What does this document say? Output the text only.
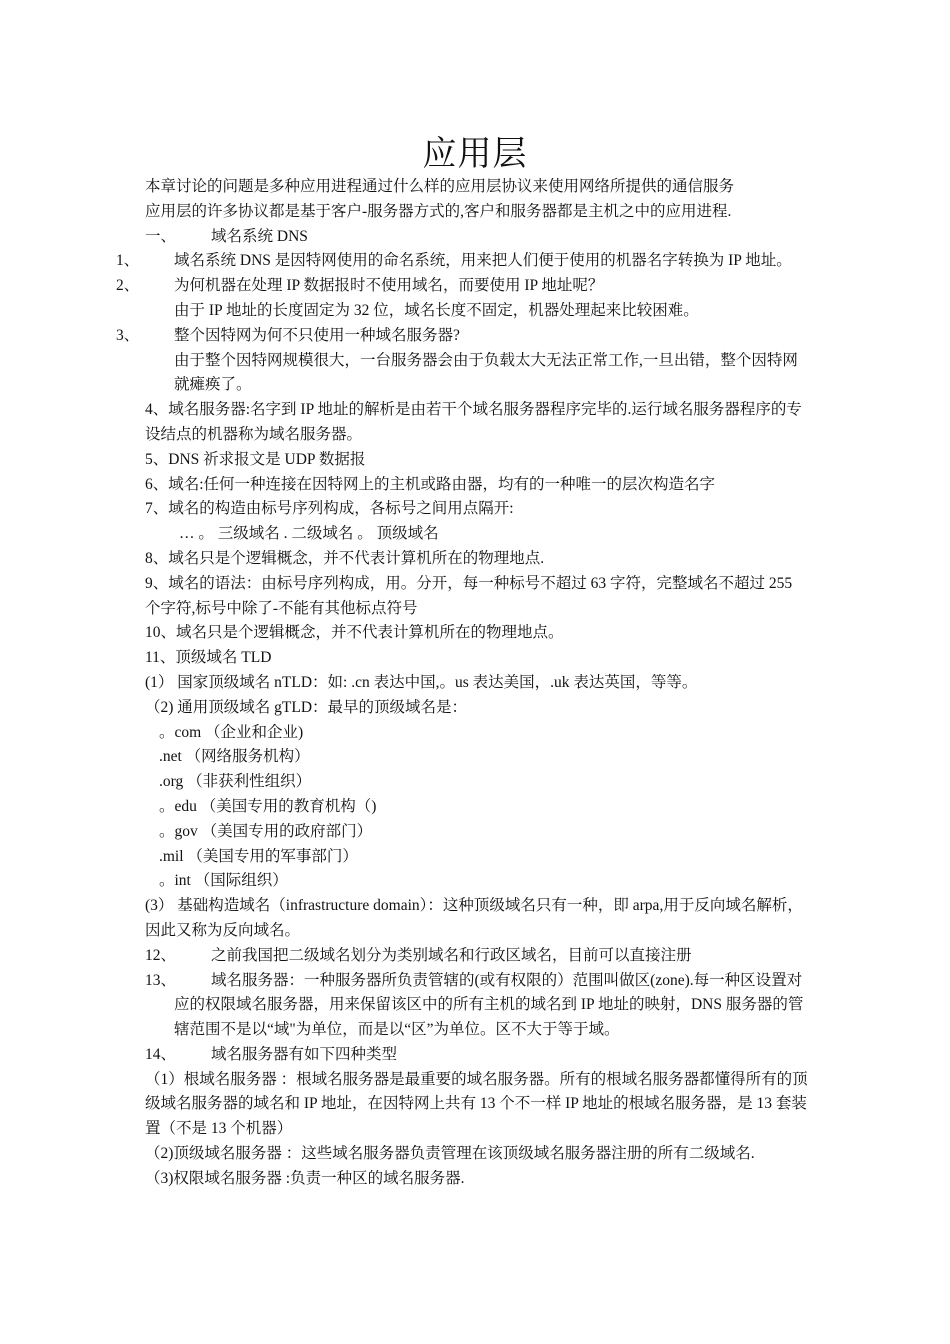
应用层

本章讨论的问题是多种应用进程通过什么样的应用层协议来使用网络所提供的通信服务

应用层的许多协议都是基于客户-服务器方式的,客户和服务器都是主机之中的应用进程.

一、 域名系统 DNS

1、 域名系统 DNS 是因特网使用的命名系统，用来把人们便于使用的机器名字转换为 IP 地址。

2、 为何机器在处理 IP 数据报时不使用域名，而要使用 IP 地址呢？

由于 IP 地址的长度固定为 32 位，域名长度不固定，机器处理起来比较困难。

3、 整个因特网为何不只使用一种域名服务器?

由于整个因特网规模很大，一台服务器会由于负载太大无法正常工作,一旦出错，整个因特网就瘫痪了。

4、域名服务器:名字到 IP 地址的解析是由若干个域名服务器程序完毕的.运行域名服务器程序的专设结点的机器称为域名服务器。

5、DNS 祈求报文是 UDP 数据报

6、域名:任何一种连接在因特网上的主机或路由器，均有的一种唯一的层次构造名字

7、域名的构造由标号序列构成，各标号之间用点隔开:

… 。 三级域名 . 二级域名 。 顶级域名

8、域名只是个逻辑概念，并不代表计算机所在的物理地点.

9、域名的语法：由标号序列构成，用。分开，每一种标号不超过 63 字符，完整域名不超过 255 个字符,标号中除了-不能有其他标点符号

10、域名只是个逻辑概念，并不代表计算机所在的物理地点。

11、顶级域名 TLD

(1） 国家顶级域名 nTLD：如: .cn 表达中国,。us 表达美国，.uk 表达英国，等等。

（2) 通用顶级域名 gTLD：最早的顶级域名是：

。com （企业和企业)

.net （网络服务机构）

.org （非获利性组织）

。edu （美国专用的教育机构（)

。gov （美国专用的政府部门）

.mil （美国专用的军事部门）

。int （国际组织）

(3） 基础构造域名（infrastructure domain）：这种顶级域名只有一种，即 arpa,用于反向域名解析，因此又称为反向域名。

12、 之前我国把二级域名划分为类别域名和行政区域名，目前可以直接注册

13、 域名服务器：一种服务器所负责管辖的(或有权限的）范围叫做区(zone).每一种区设置对应的权限域名服务器，用来保留该区中的所有主机的域名到 IP 地址的映射，DNS 服务器的管辖范围不是以“域"为单位，而是以“区”为单位。区不大于等于域。

14、 域名服务器有如下四种类型

（1）根域名服务器 ：根域名服务器是最重要的域名服务器。所有的根域名服务器都懂得所有的顶级域名服务器的域名和 IP 地址，在因特网上共有 13 个不一样 IP 地址的根域名服务器，是 13 套装置（不是 13 个机器）

（2)顶级域名服务器 ：这些域名服务器负责管理在该顶级域名服务器注册的所有二级域名.

（3)权限域名服务器 :负责一种区的域名服务器.
